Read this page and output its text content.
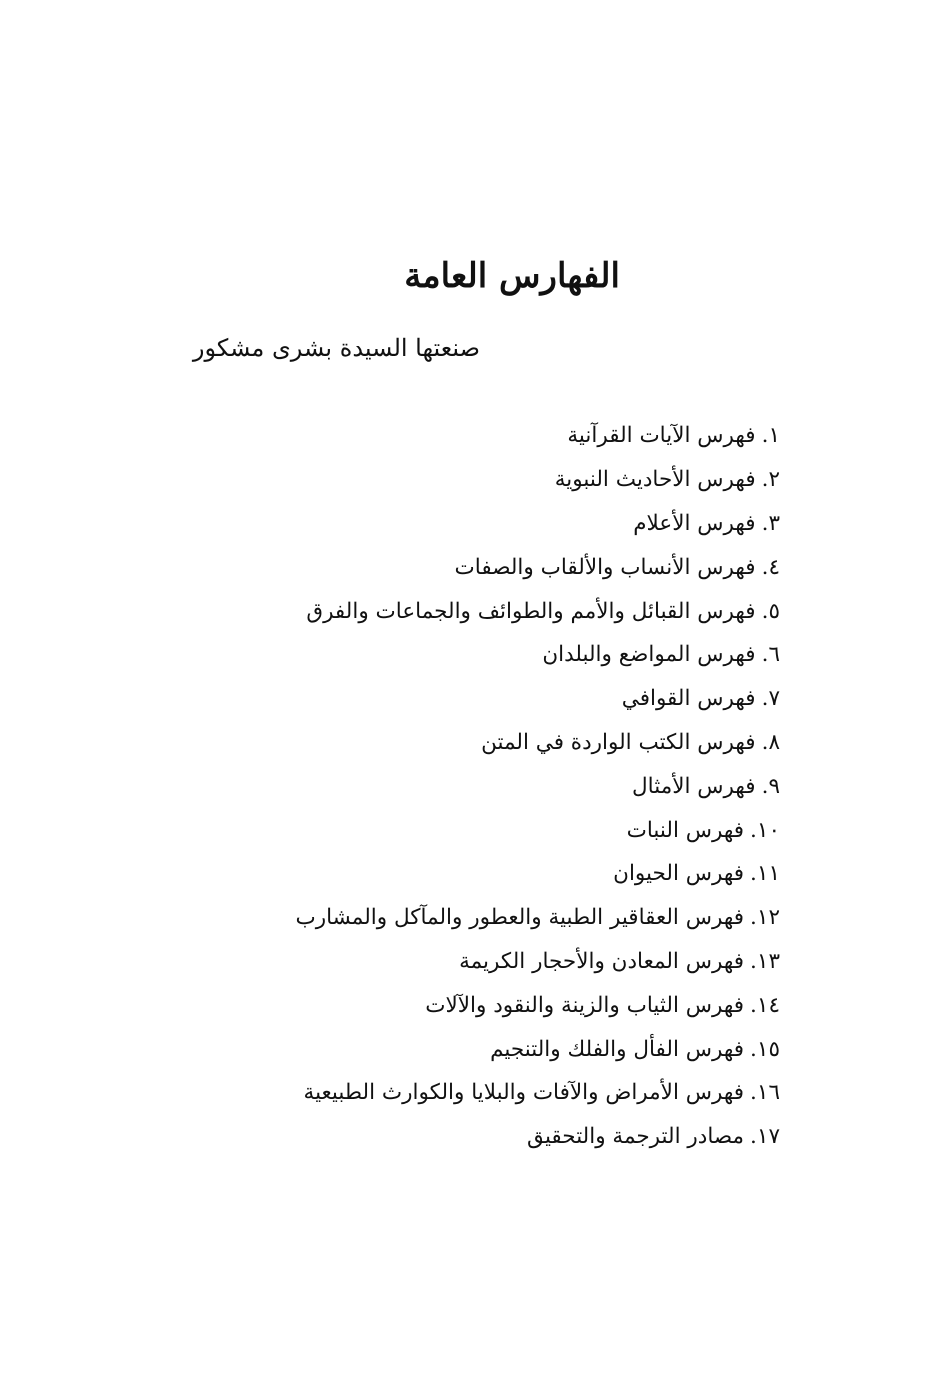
الفهارس العامة
صنعتها السيدة بشرى مشكور
١
.
فهرس الآيات القرآنية
٢
.
فهرس الأحاديث النبوية
٣
.
فهرس الأعلام
٤
.
فهرس الأنساب والألقاب والصفات
٥
.
فهرس القبائل والأمم والطوائف والجماعات والفرق
٦
.
فهرس المواضع والبلدان
٧
.
فهرس القوافي
٨
.
فهرس الكتب الواردة في المتن
٩
.
فهرس الأمثال
١٠
.
فهرس النبات
١١
.
فهرس الحيوان
١٢
.
فهرس العقاقير الطبية والعطور والمآكل والمشارب
١٣
.
فهرس المعادن والأحجار الكريمة
١٤
.
فهرس الثياب والزينة والنقود والآلات
١٥
.
فهرس الفأل والفلك والتنجيم
١٦
.
فهرس الأمراض والآفات والبلايا والكوارث الطبيعية
١٧
.
مصادر الترجمة والتحقيق
